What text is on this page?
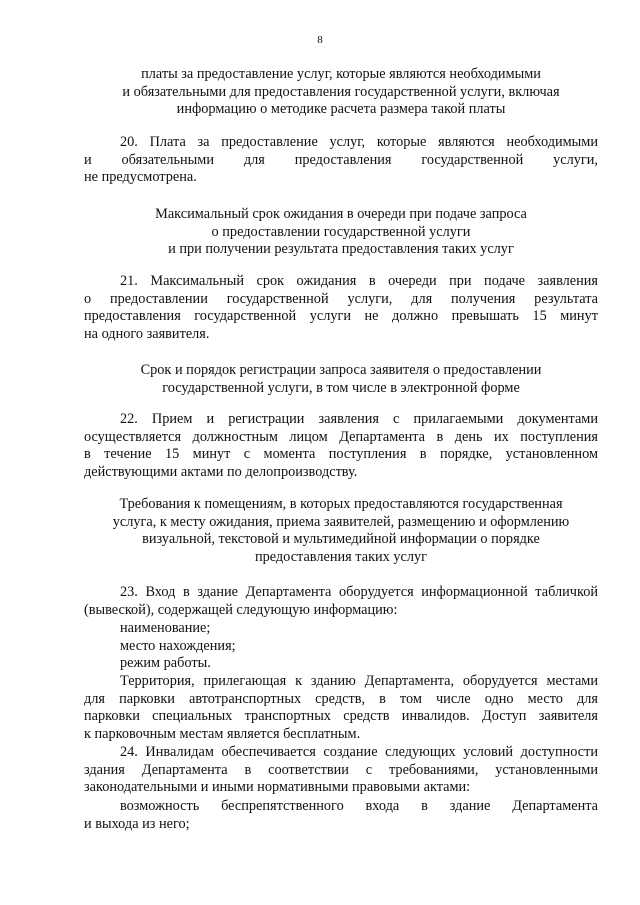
8
платы за предоставление услуг, которые являются необходимыми
и обязательными для предоставления государственной услуги, включая
информацию о методике расчета размера такой платы
20. Плата за предоставление услуг, которые являются необходимыми
и обязательными для предоставления государственной услуги,
не предусмотрена.
Максимальный срок ожидания в очереди при подаче запроса
о предоставлении государственной услуги
и при получении результата предоставления таких услуг
21. Максимальный срок ожидания в очереди при подаче заявления
о предоставлении государственной услуги, для получения результата
предоставления государственной услуги не должно превышать 15 минут
на одного заявителя.
Срок и порядок регистрации запроса заявителя о предоставлении
государственной услуги, в том числе в электронной форме
22. Прием и регистрации заявления с прилагаемыми документами
осуществляется должностным лицом Департамента в день их поступления
в течение 15 минут с момента поступления в порядке, установленном
действующими актами по делопроизводству.
Требования к помещениям, в которых предоставляются государственная
услуга, к месту ожидания, приема заявителей, размещению и оформлению
визуальной, текстовой и мультимедийной информации о порядке
предоставления таких услуг
23. Вход в здание Департамента оборудуется информационной табличкой
(вывеской), содержащей следующую информацию:
наименование;
место нахождения;
режим работы.
Территория, прилегающая к зданию Департамента, оборудуется местами
для парковки автотранспортных средств, в том числе одно место для
парковки специальных транспортных средств инвалидов. Доступ заявителя
к парковочным местам является бесплатным.
24. Инвалидам обеспечивается создание следующих условий доступности
здания Департамента в соответствии с требованиями, установленными
законодательными и иными нормативными правовыми актами:
возможность беспрепятственного входа в здание Департамента
и выхода из него;
